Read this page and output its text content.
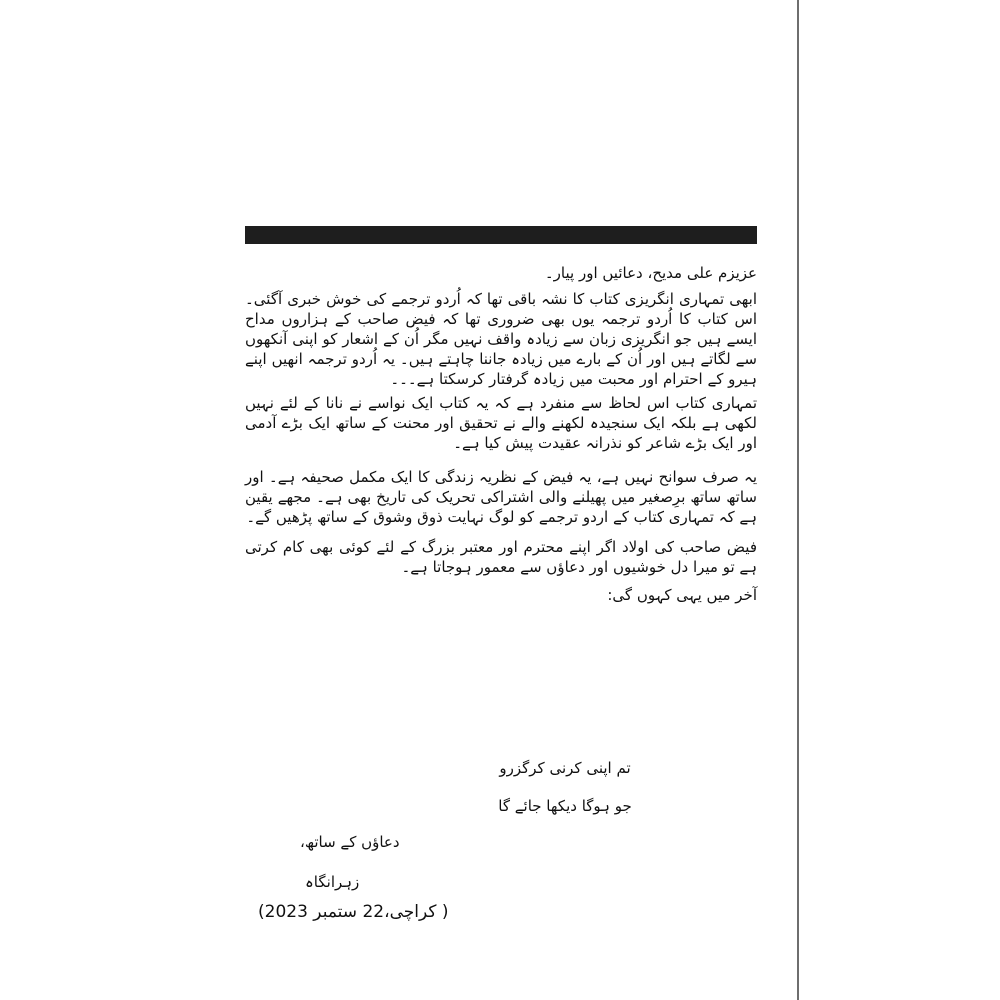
عزیزم علی مدیح، دعائیں اور پیار۔

ابھی تمہاری انگریزی کتاب کا نشہ باقی تھا کہ اُردو ترجمے کی خوش خبری آگئی۔ اس کتاب کا اُردو ترجمہ یوں بھی ضروری تھا کہ فیض صاحب کے ہزاروں مداح ایسے ہیں جو انگریزی زبان سے زیادہ واقف نہیں مگر اُن کے اشعار کو اپنی آنکھوں سے لگاتے ہیں اور اُن کے بارے میں زیادہ جاننا چاہتے ہیں۔ یہ اُردو ترجمہ انھیں اپنے ہیرو کے احترام اور محبت میں زیادہ گرفتار کرسکتا ہے۔۔۔

تمہاری کتاب اس لحاظ سے منفرد ہے کہ یہ کتاب ایک نواسے نے نانا کے لئے نہیں لکھی ہے بلکہ ایک سنجیدہ لکھنے والے نے تحقیق اور محنت کے ساتھ ایک بڑے آدمی اور ایک بڑے شاعر کو نذرانہ عقیدت پیش کیا ہے۔

یہ صرف سوانح نہیں ہے، یہ فیض کے نظریہ زندگی کا ایک مکمل صحیفہ ہے۔ اور ساتھ ساتھ برِصغیر میں پھیلنے والی اشتراکی تحریک کی تاریخ بھی ہے۔ مجھے یقین ہے کہ تمہاری کتاب کے اردو ترجمے کو لوگ نہایت ذوق وشوق کے ساتھ پڑھیں گے۔

فیض صاحب کی اولاد اگر اپنے محترم اور معتبر بزرگ کے لئے کوئی بھی کام کرتی ہے تو میرا دل خوشیوں اور دعاؤں سے معمور ہوجاتا ہے۔

آخر میں یہی کہوں گی:

تم اپنی کرنی کرگزرو
جو ہوگا دیکھا جائے گا
دعاؤں کے ساتھ،
زہرانگاہ
( کراچی،22 ستمبر 2023)
